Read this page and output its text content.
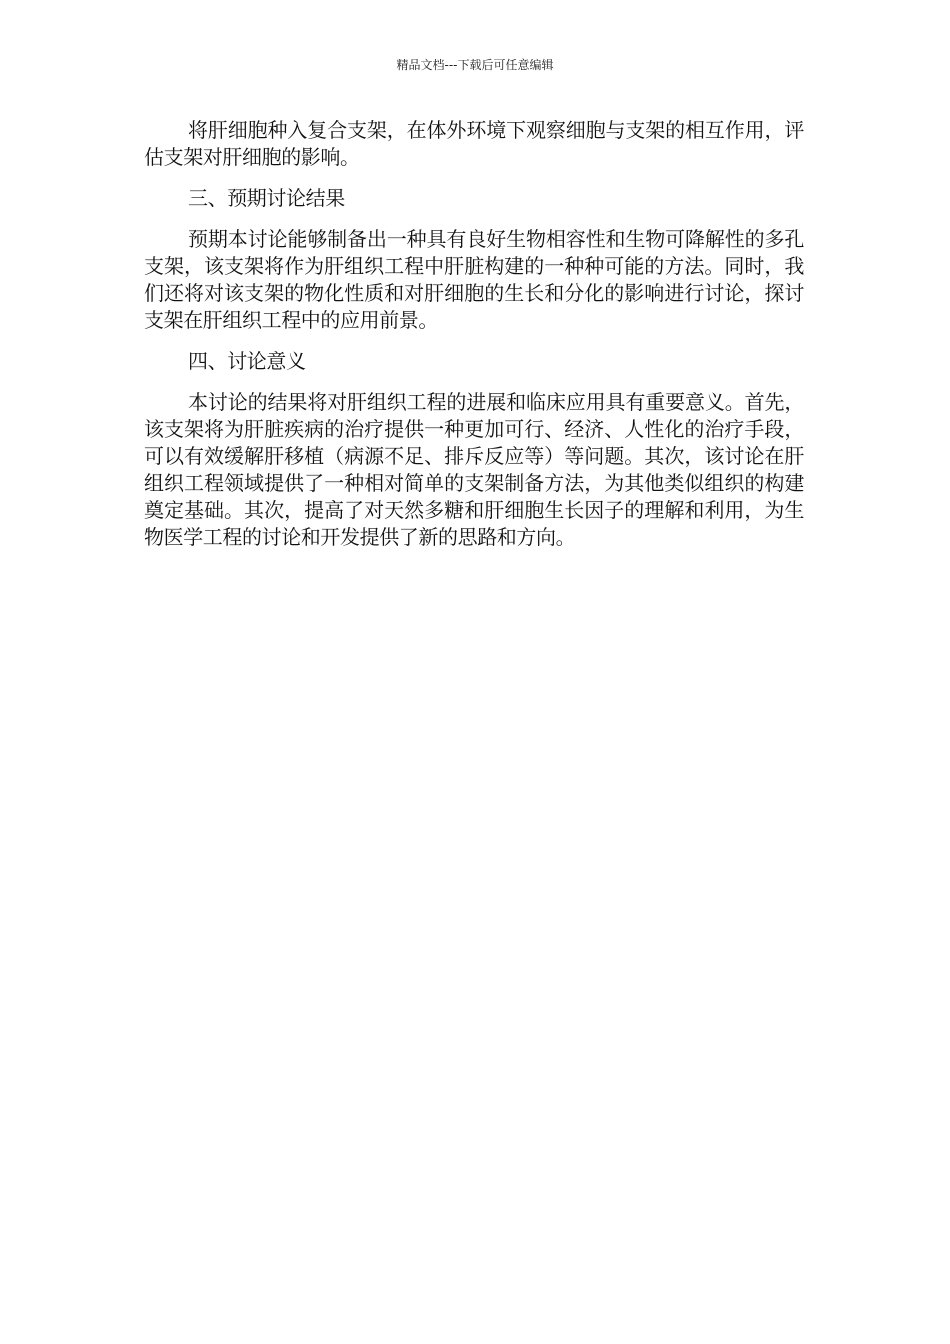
精品文档---下载后可任意编辑

将肝细胞种入复合支架，在体外环境下观察细胞与支架的相互作用，评估支架对肝细胞的影响。

三、预期讨论结果

预期本讨论能够制备出一种具有良好生物相容性和生物可降解性的多孔支架，该支架将作为肝组织工程中肝脏构建的一种种可能的方法。同时，我们还将对该支架的物化性质和对肝细胞的生长和分化的影响进行讨论，探讨支架在肝组织工程中的应用前景。

四、讨论意义

本讨论的结果将对肝组织工程的进展和临床应用具有重要意义。首先，该支架将为肝脏疾病的治疗提供一种更加可行、经济、人性化的治疗手段，可以有效缓解肝移植（病源不足、排斥反应等）等问题。其次，该讨论在肝组织工程领域提供了一种相对简单的支架制备方法，为其他类似组织的构建奠定基础。其次，提高了对天然多糖和肝细胞生长因子的理解和利用，为生物医学工程的讨论和开发提供了新的思路和方向。
